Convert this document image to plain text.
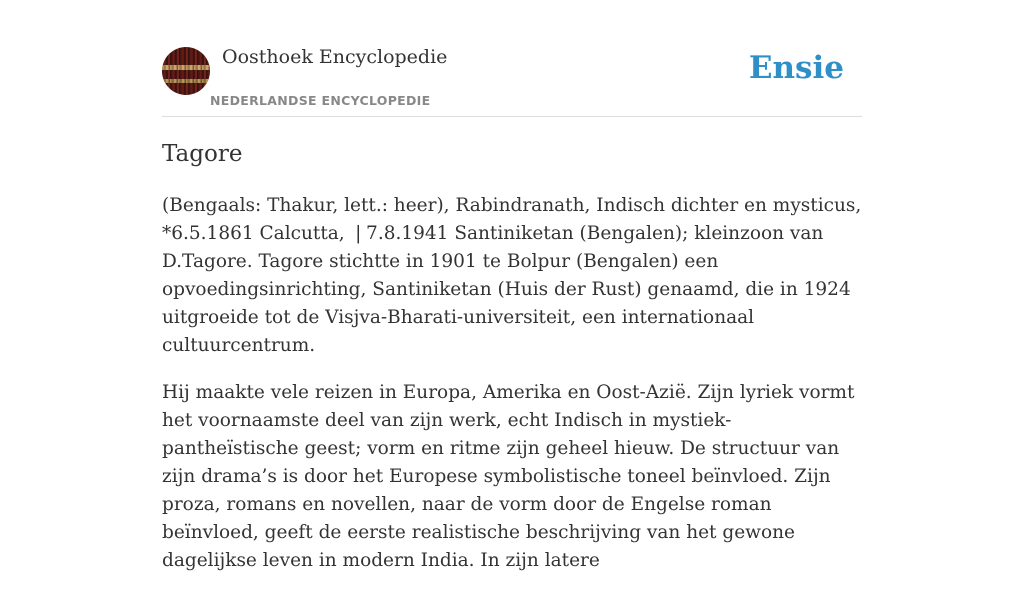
Oosthoek Encyclopedie
NEDERLANDSE ENCYCLOPEDIE
Ensie
Tagore

(Bengaals: Thakur, lett.: heer), Rabindranath, Indisch dichter en mysticus, *6.5.1861 Calcutta, ❘7.8.1941 Santiniketan (Bengalen); kleinzoon van D.Tagore. Tagore stichtte in 1901 te Bolpur (Bengalen) een opvoedingsinrichting, Santiniketan (Huis der Rust) genaamd, die in 1924 uitgroeide tot de Visjva-Bharati-universiteit, een internationaal cultuurcentrum.

Hij maakte vele reizen in Europa, Amerika en Oost-Azië. Zijn lyriek vormt het voornaamste deel van zijn werk, echt Indisch in mystiek-pantheïstische geest; vorm en ritme zijn geheel hieuw. De structuur van zijn drama’s is door het Europese symbolistische toneel beïnvloed. Zijn proza, romans en novellen, naar de vorm door de Engelse roman beïnvloed, geeft de eerste realistische beschrijving van het gewone dagelijkse leven in modern India. In zijn latere
